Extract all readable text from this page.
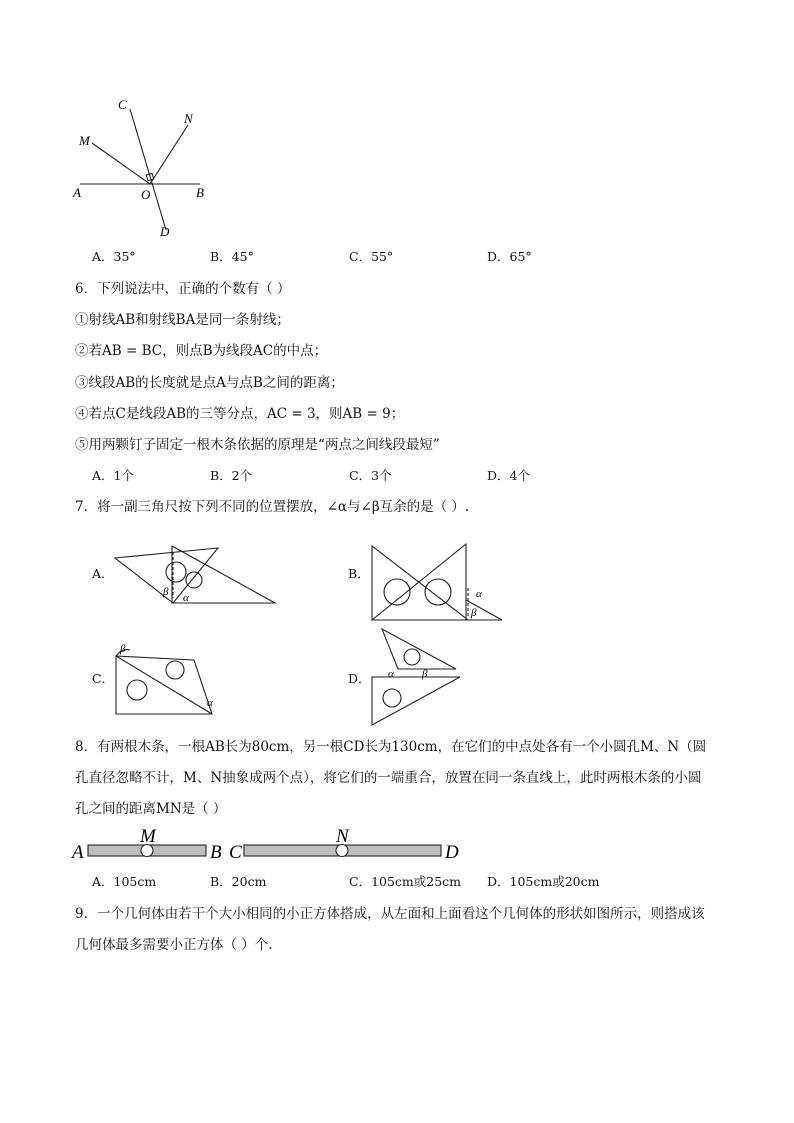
C
N
M
A	O	B
D
A．35°	B．45°	C．55°	D．65°
6．下列说法中，正确的个数有（ ）
①射线AB和射线BA是同一条射线；
②若AB = BC，则点B为线段AC的中点；
③线段AB的长度就是点A与点B之间的距离；
④若点C是线段AB的三等分点，AC = 3，则AB = 9；
⑤用两颗钉子固定一根木条依据的原理是“两点之间线段最短”
A．1个	B．2个	C．3个	D．4个
7．将一副三角尺按下列不同的位置摆放，∠α与∠β互余的是（ ）.
A．
β α
B．
α
β
C．
β
α
D． α	β
8．有两根木条，一根AB长为80cm，另一根CD长为130cm，在它们的中点处各有一个小圆孔M、N（圆
孔直径忽略不计，M、N抽象成两个点），将它们的一端重合，放置在同一条直线上，此时两根木条的小圆
孔之间的距离MN是（ ）
A
M
B C
N
D
A．105cm	B．20cm	C．105cm或25cm D．105cm或20cm
9．一个几何体由若干个大小相同的小正方体搭成，从左面和上面看这个几何体的形状如图所示，则搭成该
几何体最多需要小正方体（ ）个.
